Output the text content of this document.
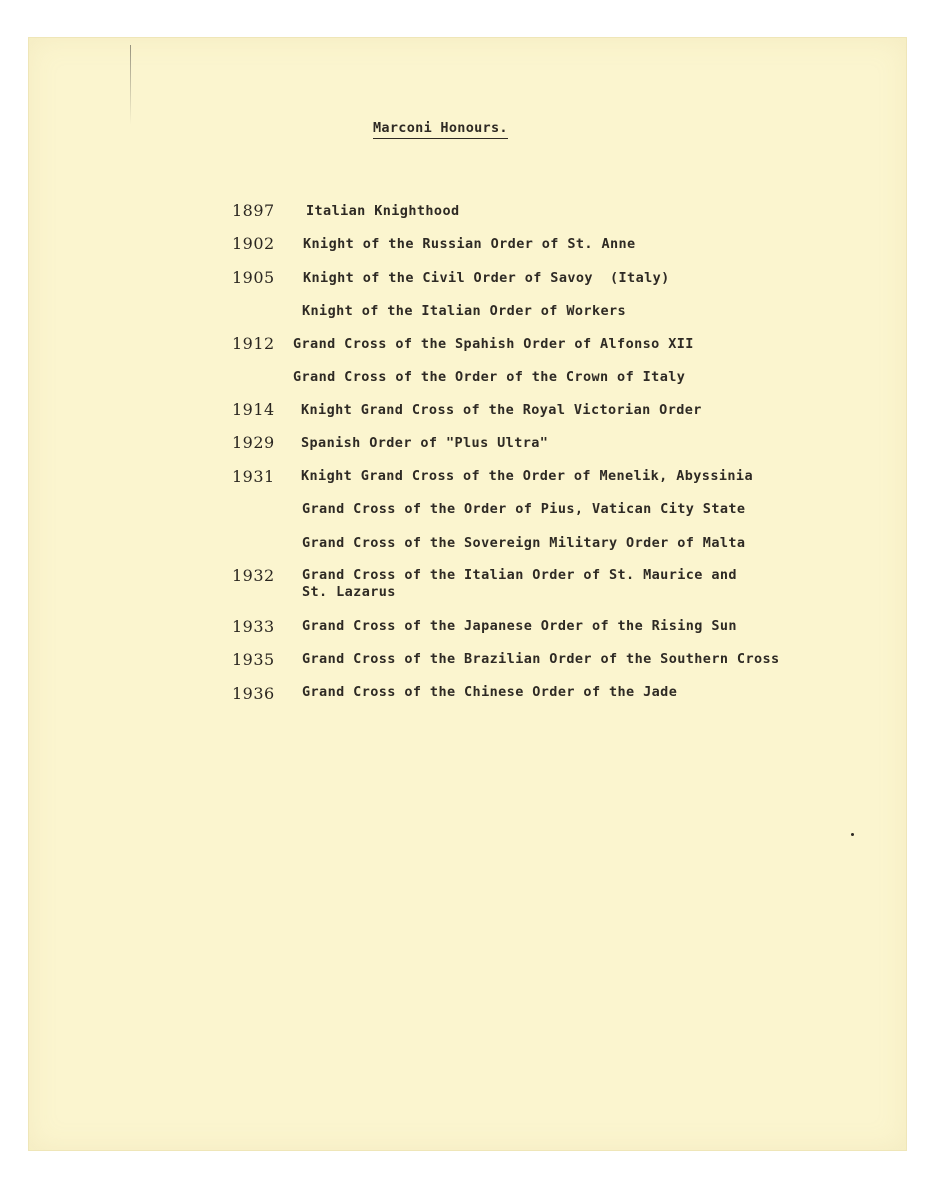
Marconi Honours.
1897 Italian Knighthood
1902 Knight of the Russian Order of St. Anne
1905 Knight of the Civil Order of Savoy  (Italy)
Knight of the Italian Order of Workers
1912 Grand Cross of the Spahish Order of Alfonso XII
Grand Cross of the Order of the Crown of Italy
1914 Knight Grand Cross of the Royal Victorian Order
1929 Spanish Order of "Plus Ultra"
1931 Knight Grand Cross of the Order of Menelik, Abyssinia
Grand Cross of the Order of Pius, Vatican City State
Grand Cross of the Sovereign Military Order of Malta
1932 Grand Cross of the Italian Order of St. Maurice and
St. Lazarus
1933 Grand Cross of the Japanese Order of the Rising Sun
1935 Grand Cross of the Brazilian Order of the Southern Cross
1936 Grand Cross of the Chinese Order of the Jade
